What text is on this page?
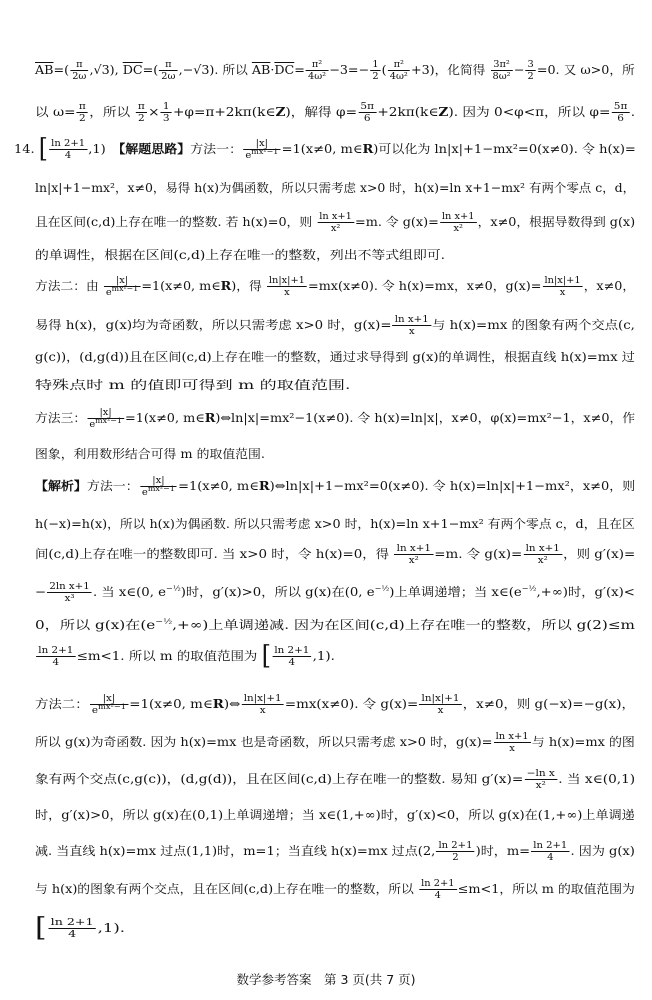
$\overline{AB}=( \frac{\pi}{2\omega} ,√3)$, $\overline{DC}=( \frac{\pi}{2\omega} ,-√3)$. 所以 $\overline{AB}\cdot\overline{DC}= \frac{\text{π²}}{\text{4ω²}} -3=- \frac{1}{2}$ ( $\frac{\text{π²}}{\text{4ω²}} +3$)，化简得 $\frac{\text{3π²}}{\text{8ω²}} - \frac{3}{2} =0$. 又 ω>0，所
以 $\omega= \frac{\pi}{2}$ ，所以 $\frac{\pi}{2} \times \frac{1}{3}$ +φ=π+2kπ(k∈Z)，解得 $\varphi= \frac{5\pi}{6}$ +2kπ(k∈Z). 因为 0<φ<π，所以 $\varphi= \frac{5\pi}{6}$ .
14. [ $\frac{\ln 2+1}{4} ,1$)　【解题思路】方法一：	|x|
$e^{mx^2-1} =1(x\ne 0$, m∈R)可以化为 ln|x|+1−mx²=0(x≠0). 令 h(x)=
ln|x|+1−mx²，x≠0，易得 h(x)为偶函数，所以只需考虑 x>0 时，h(x)=ln x+1−mx² 有两个零点 c，d，
且在区间(c,d)上存在唯一的整数. 若 h(x)=0，则 $\frac{\text{ln x+1}}{\text{x²}} =m$. 令 $g(x)= \frac{\text{ln x+1}}{\text{x²}}$ ，x≠0，根据导数得到 g(x)
的单调性，根据在区间(c,d)上存在唯一的整数，列出不等式组即可.
方法二：由	|x|
$e^{mx^2-1} =1(x\ne 0$, m∈R)，得 $\frac{\ln|x|+1}{x} =mx(x\ne 0)$. 令 h(x)=mx，x≠0，$g(x)= \frac{\ln|x|+1}{x}$ ，x≠0，
易得 h(x)，g(x)均为奇函数，所以只需考虑 x>0 时，$g(x)= \frac{\text{ln x+1}}{x}$ 与 h(x)=mx 的图象有两个交点(c,
g(c))，(d,g(d))且在区间(c,d)上存在唯一的整数，通过求导得到 g(x)的单调性，根据直线 h(x)=mx 过
特殊点时 m 的值即可得到 m 的取值范围.
方法三：	|x|
$e^{mx^2-1} =1(x\ne 0$, m∈R)⇔ln|x|=mx²−1(x≠0). 令 h(x)=ln|x|，x≠0，φ(x)=mx²−1，x≠0，作
图象，利用数形结合可得 m 的取值范围.
【解析】方法一：	|x|
$e^{mx^2-1} =1(x\ne 0$, m∈R)⇔ln|x|+1−mx²=0(x≠0). 令 h(x)=ln|x|+1−mx²，x≠0，则
h(−x)=h(x)，所以 h(x)为偶函数. 所以只需考虑 x>0 时，h(x)=ln x+1−mx² 有两个零点 c，d，且在区
间(c,d)上存在唯一的整数即可. 当 x>0 时，令 h(x)=0，得 $\frac{\text{ln x+1}}{\text{x²}} =m$. 令 $g(x)= \frac{\text{ln x+1}}{\text{x²}}$ ，则 g′(x)=
− $\frac{\text{2ln x+1}}{\text{x³}}$ . 当 x∈(0, $e^{-\frac{1}{2}}$)时，g′(x)>0，所以 g(x)在(0, $e^{-\frac{1}{2}}$)上单调递增；当 $x\in(e^{-\frac{1}{2}},+\infty)$时，g′(x)<
0，所以 g(x)在$(e^{-\frac{1}{2}},+\infty)$上单调递减. 因为在区间(c,d)上存在唯一的整数，所以 g(2)≤m
$\frac{\ln 2+1}{4} \le m<1$. 所以 m 的取值范围为 [ $\frac{\ln 2+1}{4} ,1$).
方法二：	|x|
$e^{mx^2-1} =1(x\ne 0$, m∈R)⇔ $\frac{\ln|x|+1}{x} =mx(x\ne 0)$. 令 $g(x)= \frac{\ln|x|+1}{x}$ ，x≠0，则 g(−x)=−g(x)，
所以 g(x)为奇函数. 因为 h(x)=mx 也是奇函数，所以只需考虑 x>0 时，$g(x)= \frac{\text{ln x+1}}{x}$ 与 h(x)=mx 的图
象有两个交点(c,g(c))，(d,g(d))，且在区间(c,d)上存在唯一的整数. 易知 $g'(x)= \frac{\text{−ln x}}{\text{x²}}$ . 当 x∈(0,1)
时，g′(x)>0，所以 g(x)在(0,1)上单调递增；当 x∈(1,+∞)时，g′(x)<0，所以 g(x)在(1,+∞)上单调递
减. 当直线 h(x)=mx 过点(1,1)时，m=1；当直线 h(x)=mx 过点(2, $\frac{\ln 2+1}{2}$ )时，$m= \frac{\ln 2+1}{4}$ . 因为 g(x)
与 h(x)的图象有两个交点，且在区间(c,d)上存在唯一的整数，所以 $\frac{\ln 2+1}{4} \le m<1$，所以 m 的取值范围为
[ $\frac{\ln 2+1}{4} ,1$).
数学参考答案　第 3 页(共 7 页)
